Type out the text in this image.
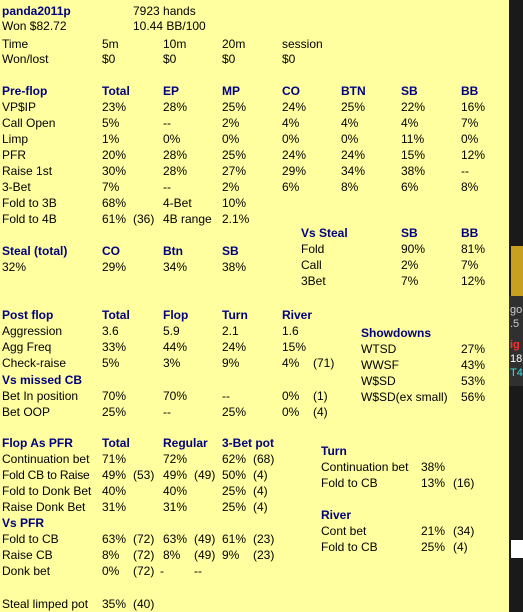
go
.5
ig
18
T4
panda2011p	7923 hands
Won $82.72	10.44 BB/100
Time	5m	10m	20m	session
Won/lost	$0	$0	$0	$0
Pre-flop	Total	EP	MP	CO	BTN	SB	BB
VP$IP	23%	28%	25%	24%	25%	22%	16%
Call Open	5%	--	2%	4%	4%	4%	7%
Limp	1%	0%	0%	0%	0%	11%	0%
PFR	20%	28%	25%	24%	24%	15%	12%
Raise 1st	30%	28%	27%	29%	34%	38%	--
3-Bet	7%	--	2%	6%	8%	6%	8%
Fold to 3B	68%	4-Bet	10%
Fold to 4B	61% (36) 4B range 2.1%
Vs Steal	SB	BB
Fold	90%	81%
Call	2%	7%
3Bet	7%	12%
Steal (total)	CO	Btn	SB
32%	29%	34%	38%
Post flop	Total	Flop	Turn	River
Aggression	3.6	5.9	2.1	1.6
Agg Freq	33%	44%	24%	15%
Check-raise	5%	3%	9%	4% (71)
Vs missed CB
Bet In position 70%	70%	--	0% (1)
Bet OOP	25%	--	25%	0% (4)
Showdowns
WTSD	27%
WWSF	43%
W$SD	53%
W$SD(ex small) 56%
Flop As PFR Total	Regular 3-Bet pot
Continuation bet 71%	72%	62% (68)
Fold CB to Raise 49% (53) 49% (49) 50% (4)
Fold to Donk Bet 40%	40%	25% (4)
Raise Donk Bet 31%	31%	25% (4)
Vs PFR
Fold to CB	63% (72) 63% (49) 61% (23)
Raise CB	8% (72) 8% (49) 9% (23)
Donk bet	0% (72) -	--
Turn
Continuation bet 38%
Fold to CB	13% (16)
River
Cont bet	21% (34)
Fold to CB	25% (4)
Steal limped pot 35% (40)
